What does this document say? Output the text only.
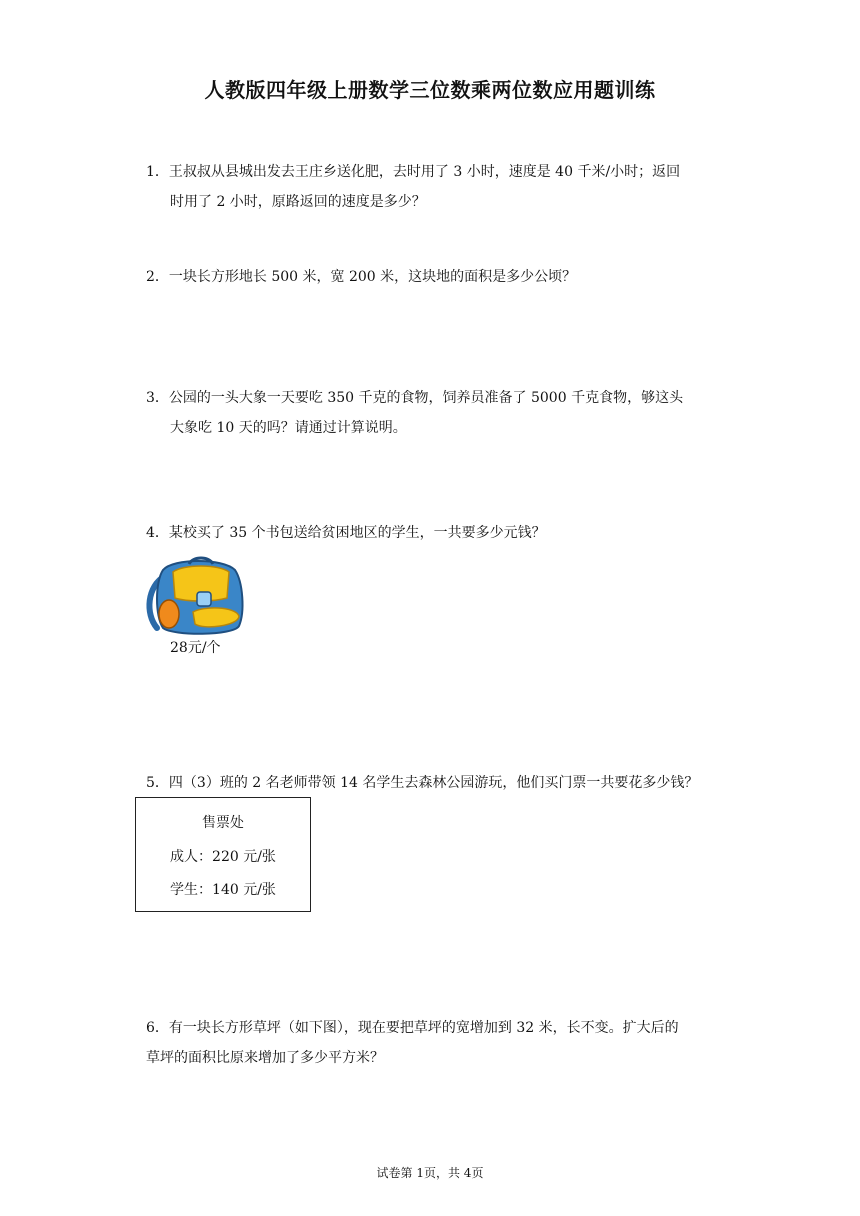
人教版四年级上册数学三位数乘两位数应用题训练
1．王叔叔从县城出发去王庄乡送化肥，去时用了 3 小时，速度是 40 千米/小时；返回
时用了 2 小时，原路返回的速度是多少？
2．一块长方形地长 500 米，宽 200 米，这块地的面积是多少公顷？
3．公园的一头大象一天要吃 350 千克的食物，饲养员准备了 5000 千克食物，够这头
大象吃 10 天的吗？请通过计算说明。
4．某校买了 35 个书包送给贫困地区的学生，一共要多少元钱？
28元/个
5．四（3）班的 2 名老师带领 14 名学生去森林公园游玩，他们买门票一共要花多少钱？
售票处
成人：220 元/张
学生：140 元/张
6．有一块长方形草坪（如下图），现在要把草坪的宽增加到 32 米，长不变。扩大后的
草坪的面积比原来增加了多少平方米？
试卷第 1页，共 4页
